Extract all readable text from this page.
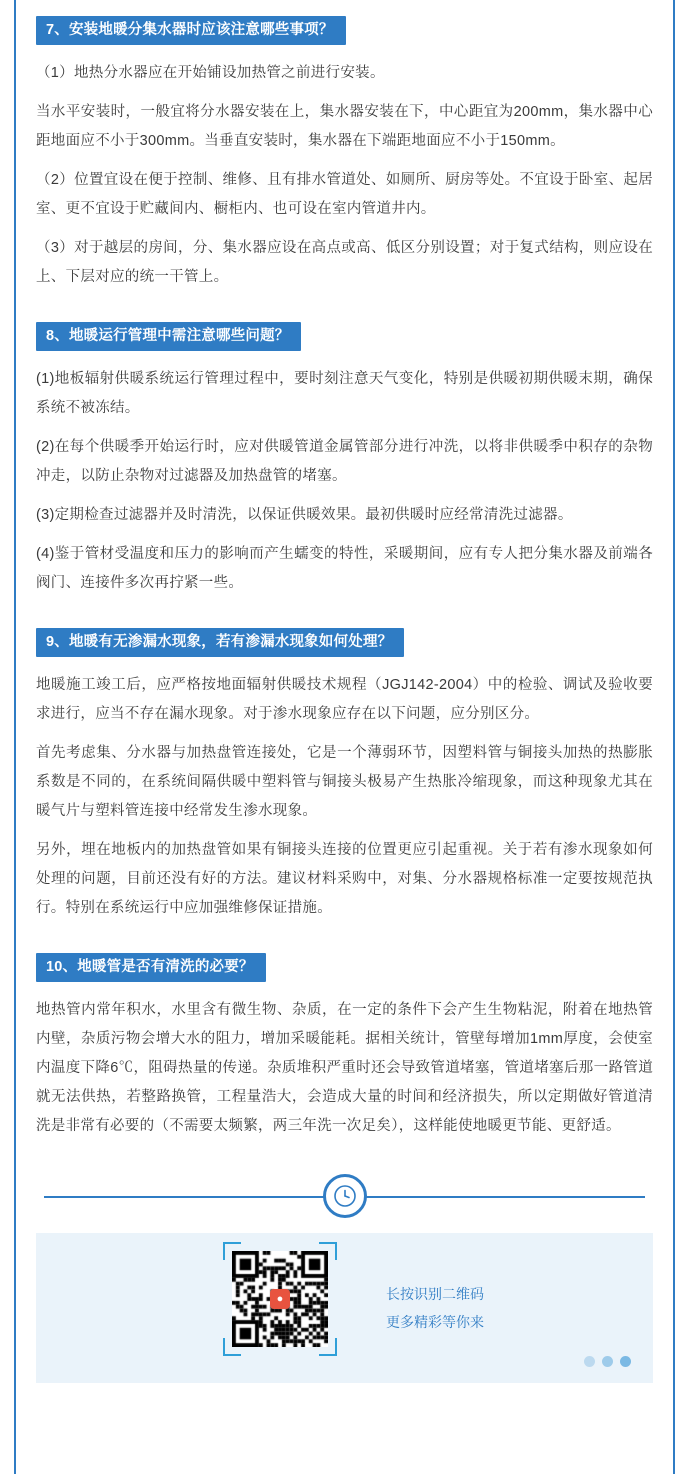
7、安装地暖分集水器时应该注意哪些事项？

（1）地热分水器应在开始铺设加热管之前进行安装。

当水平安装时，一般宜将分水器安装在上，集水器安装在下，中心距宜为200mm，集水器中心距地面应不小于300mm。当垂直安装时，集水器在下端距地面应不小于150mm。

（2）位置宜设在便于控制、维修、且有排水管道处、如厕所、厨房等处。不宜设于卧室、起居室、更不宜设于贮藏间内、橱柜内、也可设在室内管道井内。

（3）对于越层的房间，分、集水器应设在高点或高、低区分别设置；对于复式结构，则应设在上、下层对应的统一干管上。

8、地暖运行管理中需注意哪些问题？

(1)地板辐射供暖系统运行管理过程中，要时刻注意天气变化，特别是供暖初期供暖末期，确保系统不被冻结。

(2)在每个供暖季开始运行时，应对供暖管道金属管部分进行冲洗，以将非供暖季中积存的杂物冲走，以防止杂物对过滤器及加热盘管的堵塞。

(3)定期检查过滤器并及时清洗，以保证供暖效果。最初供暖时应经常清洗过滤器。

(4)鉴于管材受温度和压力的影响而产生蠕变的特性，采暖期间，应有专人把分集水器及前端各阀门、连接件多次再拧紧一些。

9、地暖有无渗漏水现象，若有渗漏水现象如何处理？

地暖施工竣工后，应严格按地面辐射供暖技术规程（JGJ142-2004）中的检验、调试及验收要求进行，应当不存在漏水现象。对于渗水现象应存在以下问题，应分别区分。

首先考虑集、分水器与加热盘管连接处，它是一个薄弱环节，因塑料管与铜接头加热的热膨胀系数是不同的，在系统间隔供暖中塑料管与铜接头极易产生热胀冷缩现象，而这种现象尤其在暖气片与塑料管连接中经常发生渗水现象。

另外，埋在地板内的加热盘管如果有铜接头连接的位置更应引起重视。关于若有渗水现象如何处理的问题，目前还没有好的方法。建议材料采购中，对集、分水器规格标准一定要按规范执行。特别在系统运行中应加强维修保证措施。

10、地暖管是否有清洗的必要？

地热管内常年积水，水里含有微生物、杂质，在一定的条件下会产生生物粘泥，附着在地热管内壁，杂质污物会增大水的阻力，增加采暖能耗。据相关统计，管壁每增加1mm厚度，会使室内温度下降6℃，阻碍热量的传递。杂质堆积严重时还会导致管道堵塞，管道堵塞后那一路管道就无法供热，若整路换管，工程量浩大，会造成大量的时间和经济损失，所以定期做好管道清洗是非常有必要的（不需要太频繁，两三年洗一次足矣），这样能使地暖更节能、更舒适。

●	长按识别二维码
更多精彩等你来
